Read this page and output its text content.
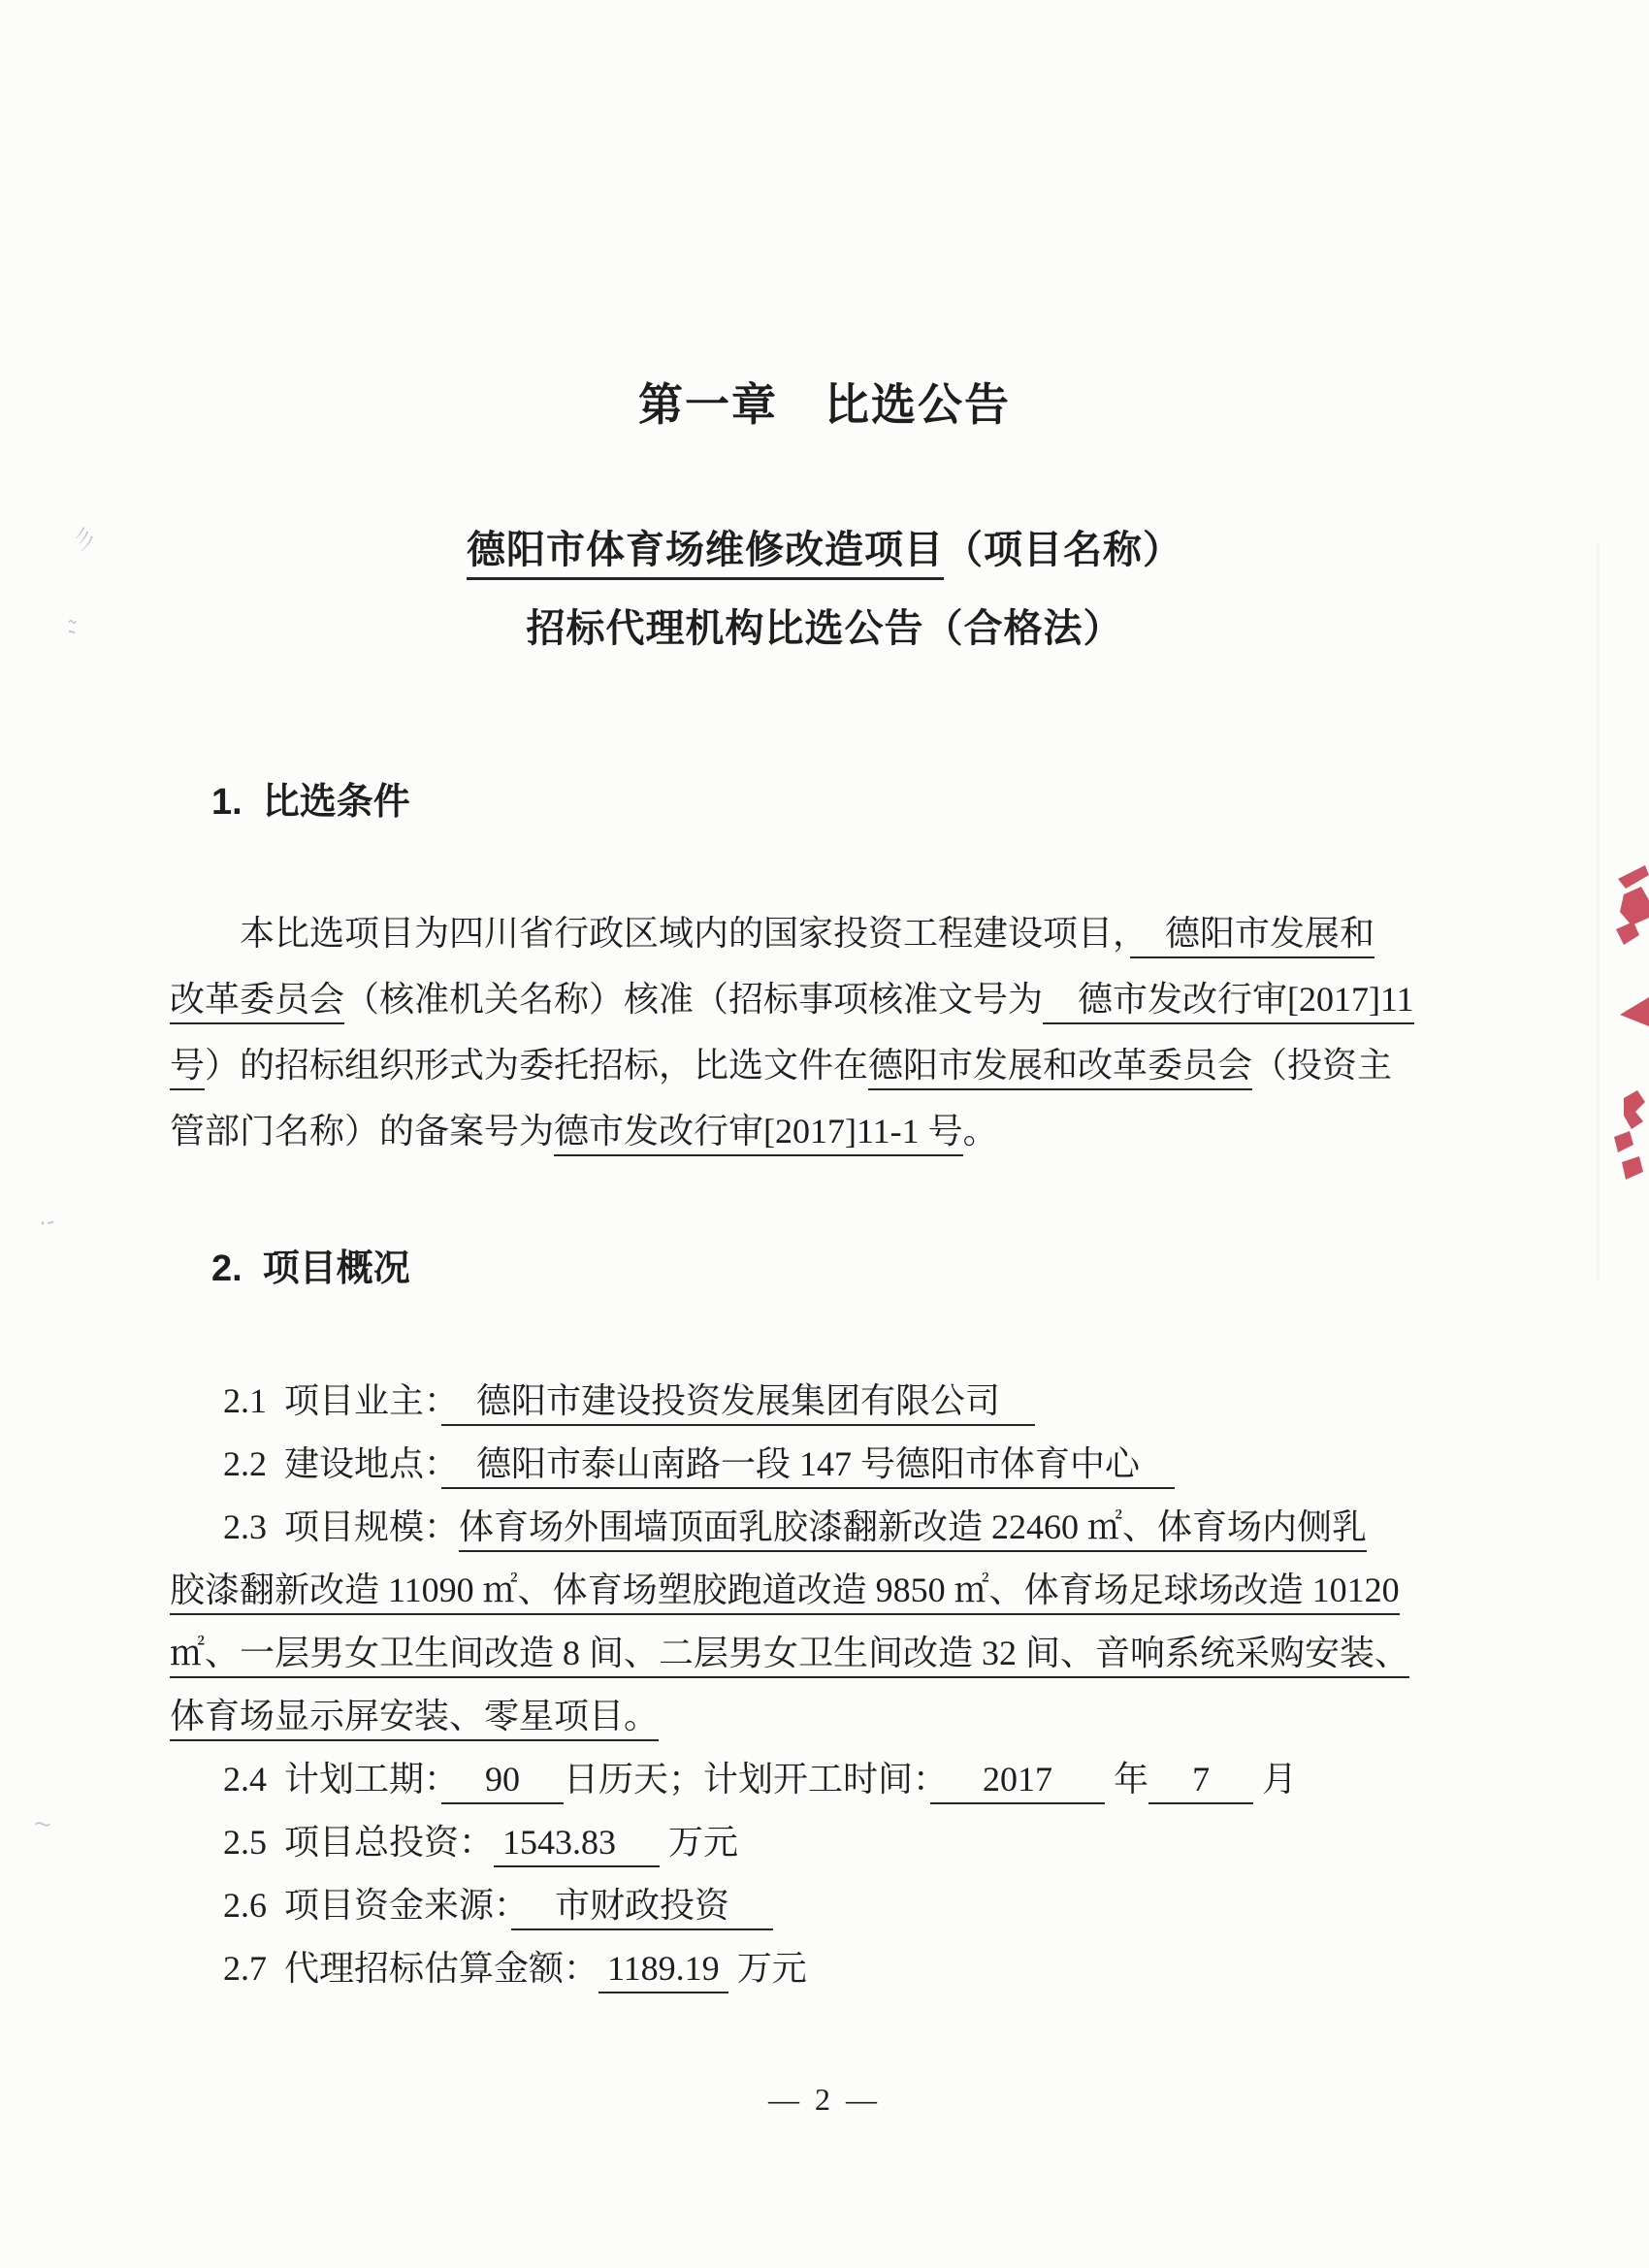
第一章　比选公告
德阳市体育场维修改造项目（项目名称）
招标代理机构比选公告（合格法）
1.  比选条件

本比选项目为四川省行政区域内的国家投资工程建设项目，　德阳市发展和

改革委员会（核准机关名称）核准（招标事项核准文号为　德市发改行审[2017]11

号）的招标组织形式为委托招标，比选文件在德阳市发展和改革委员会（投资主

管部门名称）的备案号为德市发改行审[2017]11-1 号。

2.  项目概况

2.1  项目业主：　德阳市建设投资发展集团有限公司　

2.2  建设地点：　德阳市泰山南路一段 147 号德阳市体育中心　

2.3  项目规模：体育场外围墙顶面乳胶漆翻新改造 22460 ㎡、体育场内侧乳

胶漆翻新改造 11090 ㎡、体育场塑胶跑道改造 9850 ㎡、体育场足球场改造 10120

㎡、一层男女卫生间改造 8 间、二层男女卫生间改造 32 间、音响系统采购安装、

体育场显示屏安装、零星项目。

2.4  计划工期：　 90 　日历天；计划开工时间：　  2017  　 年　 7 　 月

2.5  项目总投资： 1543.83 　 万元

2.6  项目资金来源：　 市财政投资 　

2.7  代理招标估算金额： 1189.19  万元

— 2 —
彡
-̃
·‐
~
